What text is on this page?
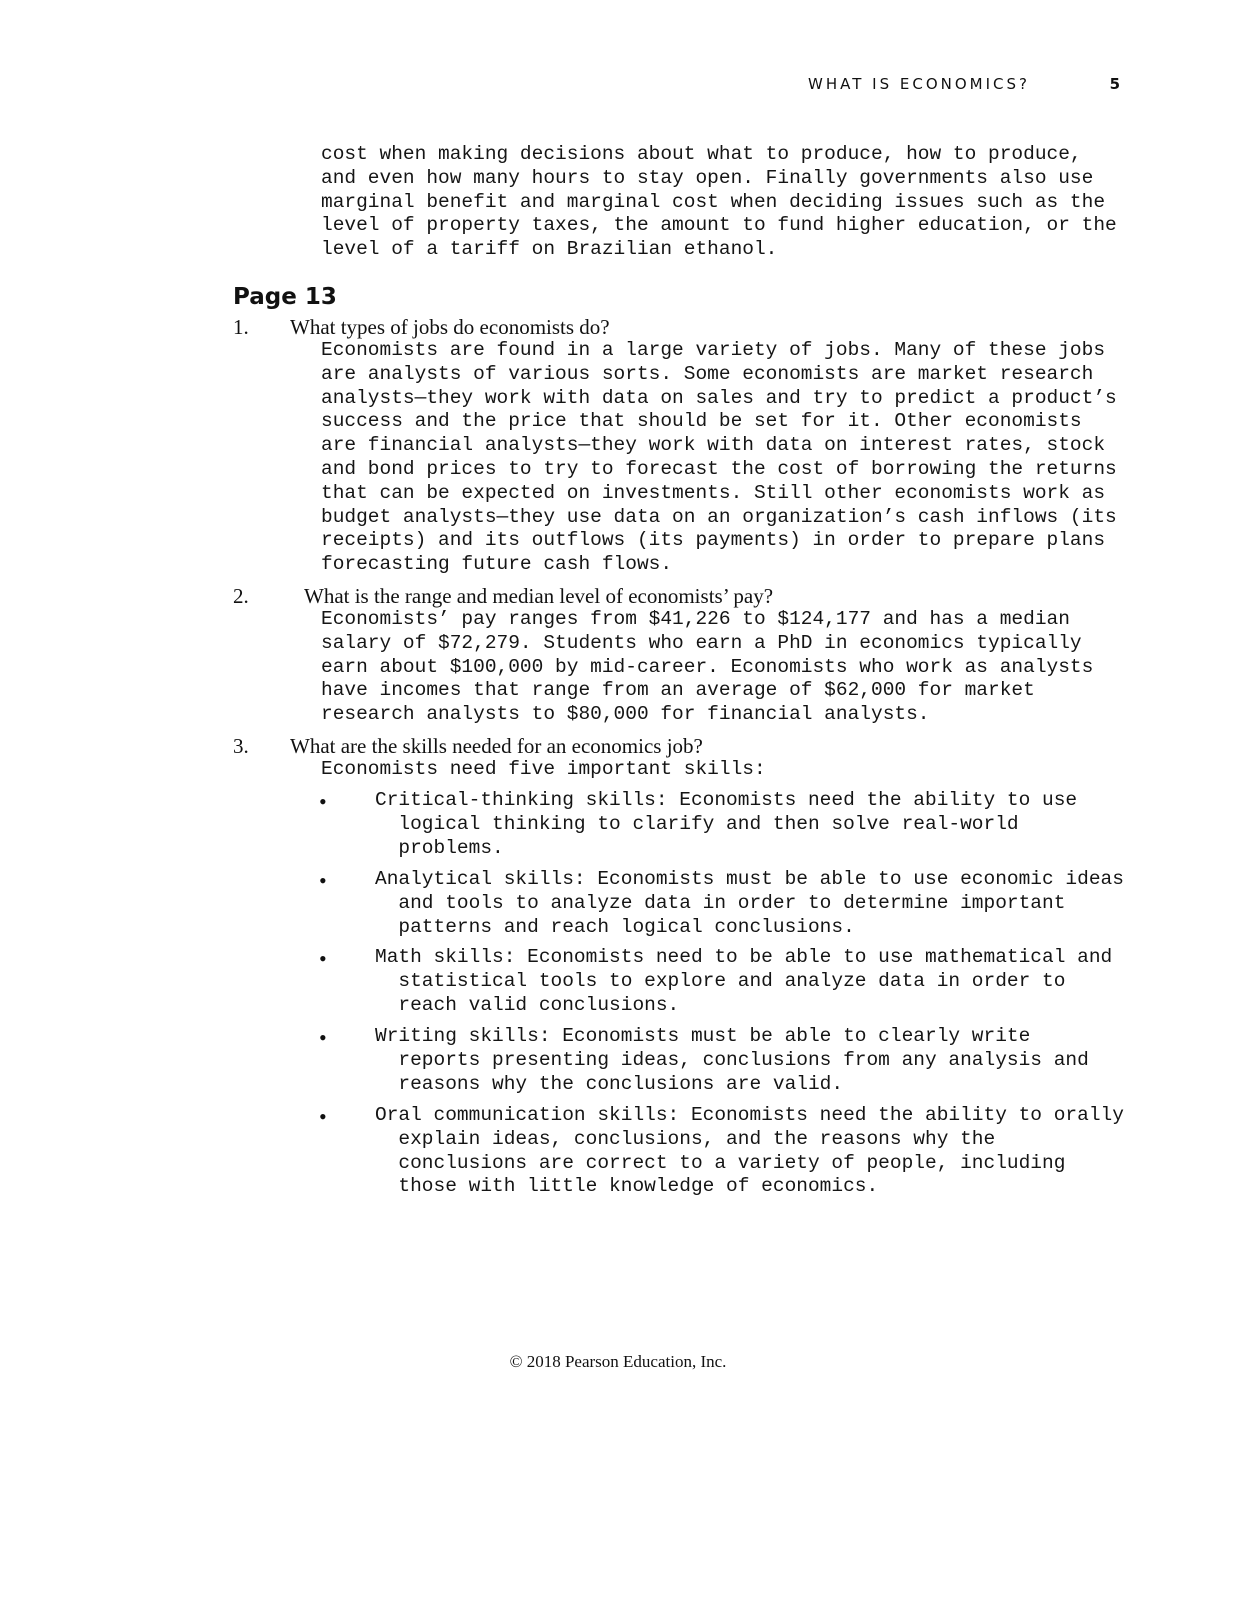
WHAT IS ECONOMICS?	5
cost when making decisions about what to produce, how to produce,
and even how many hours to stay open. Finally governments also use
marginal benefit and marginal cost when deciding issues such as the
level of property taxes, the amount to fund higher education, or the
level of a tariff on Brazilian ethanol.
Page 13
1. What types of jobs do economists do?
Economists are found in a large variety of jobs. Many of these jobs
are analysts of various sorts. Some economists are market research
analysts—they work with data on sales and try to predict a product’s
success and the price that should be set for it. Other economists
are financial analysts—they work with data on interest rates, stock
and bond prices to try to forecast the cost of borrowing the returns
that can be expected on investments. Still other economists work as
budget analysts—they use data on an organization’s cash inflows (its
receipts) and its outflows (its payments) in order to prepare plans
forecasting future cash flows.
2.	What is the range and median level of economists’ pay?
Economists’ pay ranges from $41,226 to $124,177 and has a median
salary of $72,279. Students who earn a PhD in economics typically
earn about $100,000 by mid-career. Economists who work as analysts
have incomes that range from an average of $62,000 for market
research analysts to $80,000 for financial analysts.
3. What are the skills needed for an economics job?
Economists need five important skills:
• Critical-thinking skills: Economists need the ability to use
logical thinking to clarify and then solve real-world
problems.
• Analytical skills: Economists must be able to use economic ideas
and tools to analyze data in order to determine important
patterns and reach logical conclusions.
• Math skills: Economists need to be able to use mathematical and
statistical tools to explore and analyze data in order to
reach valid conclusions.
• Writing skills: Economists must be able to clearly write
reports presenting ideas, conclusions from any analysis and
reasons why the conclusions are valid.
• Oral communication skills: Economists need the ability to orally
explain ideas, conclusions, and the reasons why the
conclusions are correct to a variety of people, including
those with little knowledge of economics.
© 2018 Pearson Education, Inc.
